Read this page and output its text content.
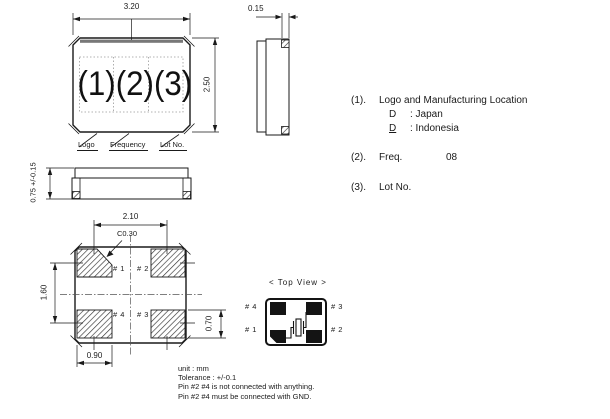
3.20
2.50
(1) (2) (3)
Logo	Frequency	Lot No.
0.15
0.75 +/-0.15
2.10
C0.30
1.60
0.90
0.70
# 1 # 2
# 4 # 3
< Top View >
# 4
# 1
# 3
# 2
(1). Logo and Manufacturing Location
D : Japan
D : Indonesia
(2). Freq.	08
(3). Lot No.
unit : mm
Tolerance : +/-0.1
Pin #2 #4 is not connected with anything.
Pin #2 #4 must be connected with GND.
